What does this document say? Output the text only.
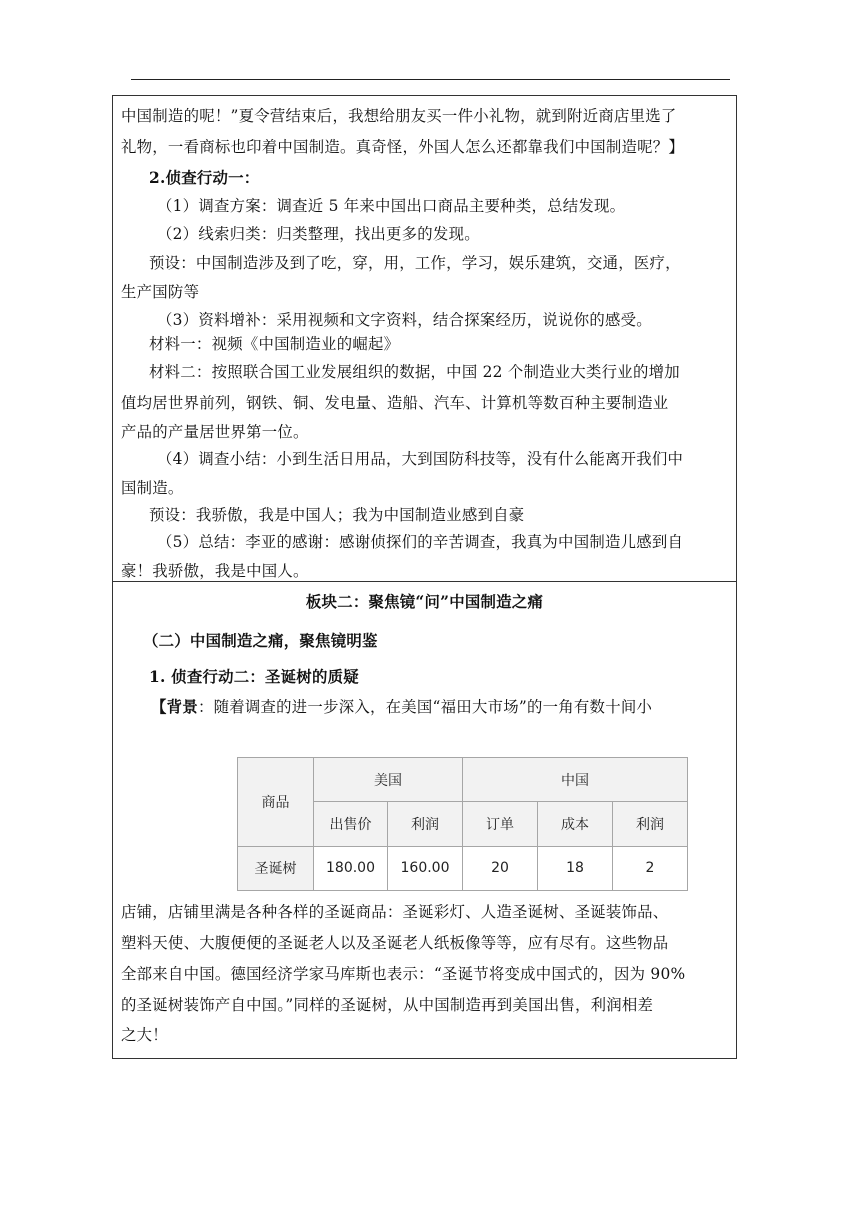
中国制造的呢！”夏令营结束后，我想给朋友买一件小礼物，就到附近商店里选了
礼物，一看商标也印着中国制造。真奇怪，外国人怎么还都靠我们中国制造呢？】
2.侦查行动一：
（1）调查方案：调查近 5 年来中国出口商品主要种类，总结发现。
（2）线索归类：归类整理，找出更多的发现。
预设：中国制造涉及到了吃，穿，用，工作，学习，娱乐建筑，交通，医疗，
生产国防等
（3）资料增补：采用视频和文字资料，结合探案经历，说说你的感受。
材料一：视频《中国制造业的崛起》
材料二：按照联合国工业发展组织的数据，中国 22 个制造业大类行业的增加
值均居世界前列，钢铁、铜、发电量、造船、汽车、计算机等数百种主要制造业
产品的产量居世界第一位。
（4）调查小结：小到生活日用品，大到国防科技等，没有什么能离开我们中
国制造。
预设：我骄傲，我是中国人；我为中国制造业感到自豪
（5）总结：李亚的感谢：感谢侦探们的辛苦调查，我真为中国制造儿感到自
豪！我骄傲，我是中国人。
板块二：聚焦镜“问”中国制造之痛
（二）中国制造之痛，聚焦镜明鉴
1. 侦查行动二：圣诞树的质疑
【背景：随着调查的进一步深入，在美国“福田大市场”的一角有数十间小
商品	美国		中国		
	出售价	利润	订单	成本	利润
圣诞树	180.00	160.00	20	18	2
店铺，店铺里满是各种各样的圣诞商品：圣诞彩灯、人造圣诞树、圣诞装饰品、
塑料天使、大腹便便的圣诞老人以及圣诞老人纸板像等等，应有尽有。这些物品
全部来自中国。德国经济学家马库斯也表示：“圣诞节将变成中国式的，因为 90%
的圣诞树装饰产自中国。”同样的圣诞树，从中国制造再到美国出售，利润相差
之大！
